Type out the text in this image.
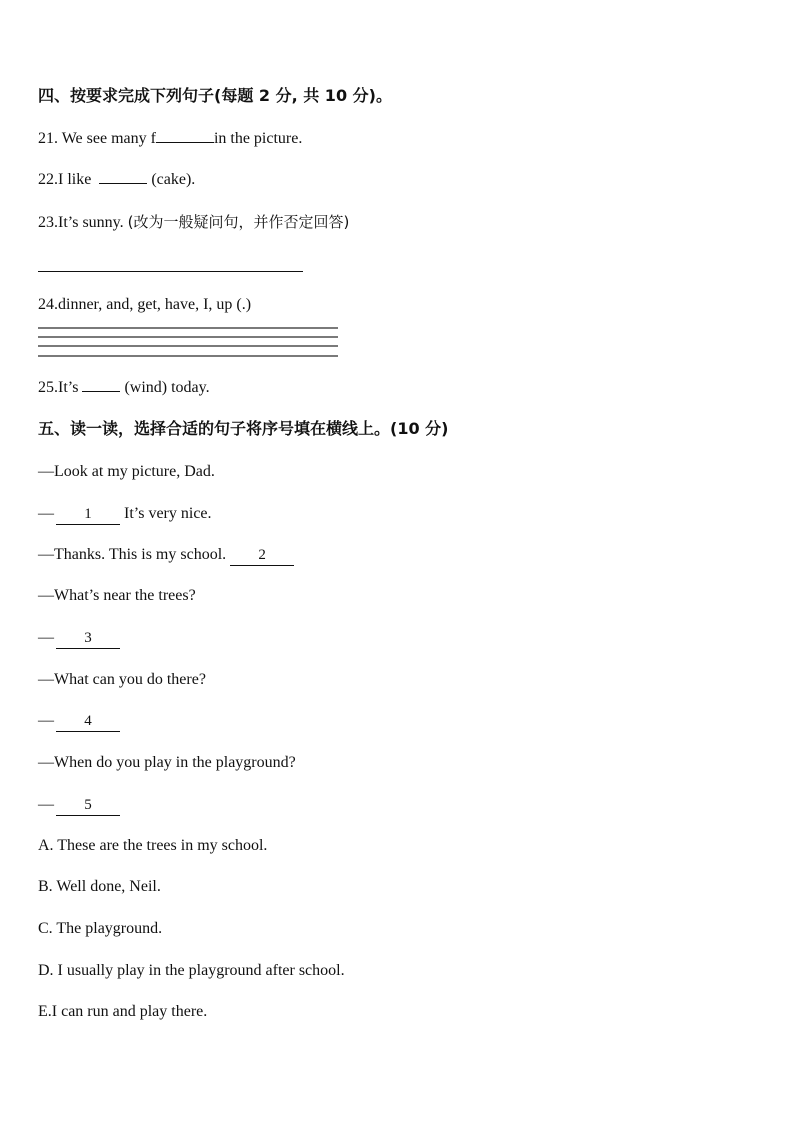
四、按要求完成下列句子(每题 2 分, 共 10 分)。
21. We see many f	in the picture.
22.I like	(cake).
23.It’s sunny. (改为一般疑问句，并作否定回答)
24.dinner, and, get, have, I, up (.)
25.It’s  (wind) today.
五、读一读，选择合适的句子将序号填在横线上。(10 分)
—Look at my picture, Dad.
— 1 It’s very nice.
—Thanks. This is my school. 2
—What’s near the trees?
— 3
—What can you do there?
— 4
—When do you play in the playground?
— 5
A. These are the trees in my school.
B. Well done, Neil.
C. The playground.
D. I usually play in the playground after school.
E.I can run and play there.
